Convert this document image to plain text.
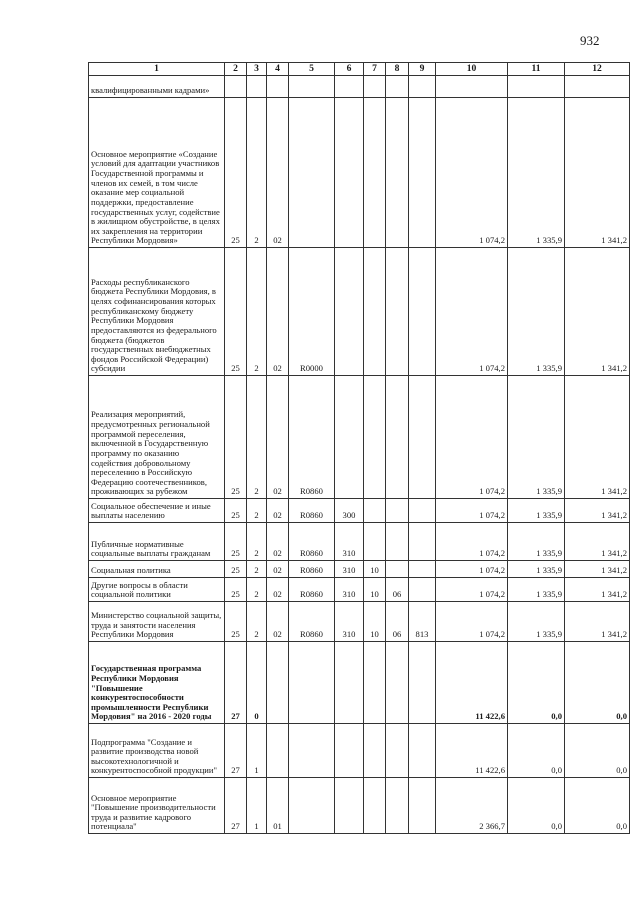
932
1	2	3	4	5	6	7	8	9	10	11	12
квалифицированными кадрами»											
Основное мероприятие «Создание условий для адаптации участников Государственной программы и членов их семей, в том числе оказание мер социальной поддержки, предоставление государственных услуг, содействие в жилищном обустройстве, в целях их закрепления на территории Республики Мордовия»	25	2	02						1 074,2	1 335,9	1 341,2
Расходы республиканского бюджета Республики Мордовия, в целях софинансирования которых республиканскому бюджету Республики Мордовия предоставляются из федерального бюджета (бюджетов государственных внебюджетных фондов Российской Федерации) субсидии	25	2	02	R0000					1 074,2	1 335,9	1 341,2
Реализация мероприятий, предусмотренных региональной программой переселения, включенной в Государственную программу по оказанию содействия добровольному переселению в Российскую Федерацию соотечественников, проживающих за рубежом	25	2	02	R0860					1 074,2	1 335,9	1 341,2
Социальное обеспечение и иные выплаты населению	25	2	02	R0860	300				1 074,2	1 335,9	1 341,2
Публичные нормативные социальные выплаты гражданам	25	2	02	R0860	310				1 074,2	1 335,9	1 341,2
Социальная политика	25	2	02	R0860	310	10			1 074,2	1 335,9	1 341,2
Другие вопросы в области социальной политики	25	2	02	R0860	310	10	06		1 074,2	1 335,9	1 341,2
Министерство социальной защиты, труда и занятости населения Республики Мордовия	25	2	02	R0860	310	10	06	813	1 074,2	1 335,9	1 341,2
Государственная программа Республики Мордовия "Повышение конкурентоспособности промышленности Республики Мордовия" на 2016 - 2020 годы	27	0							11 422,6	0,0	0,0
Подпрограмма "Создание и развитие производства новой высокотехнологичной и конкурентоспособной продукции"	27	1							11 422,6	0,0	0,0
Основное мероприятие "Повышение производительности труда и развитие кадрового потенциала"	27	1	01						2 366,7	0,0	0,0
